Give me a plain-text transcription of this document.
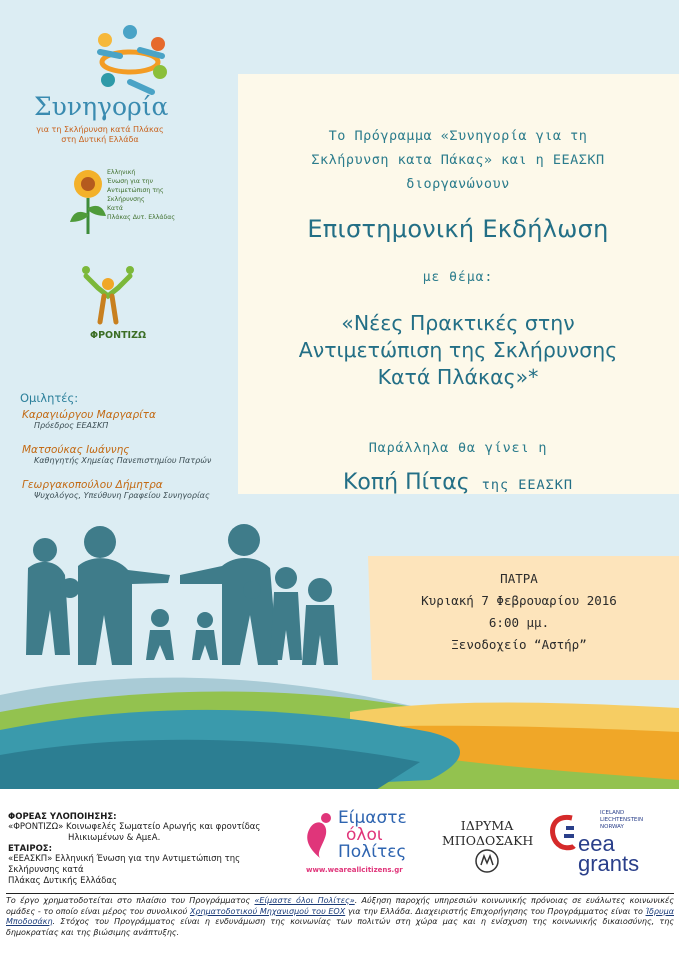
Συνηγορία
για τη Σκλήρυνση κατά Πλάκας στη Δυτική Ελλάδα
Ελληνική
Ένωση για την
Αντιμετώπιση της
Σκλήρυνσης
Κατά
Πλάκας Δυτ. Ελλάδας
ΦΡΟΝΤΙΖΩ
Ομιλητές:
Καραγιώργου Μαργαρίτα
Πρόεδρος ΕΕΑΣΚΠ
Ματσούκας Ιωάννης
Καθηγητής Χημείας Πανεπιστημίου Πατρών
Γεωργακοπούλου Δήμητρα
Ψυχολόγος, Υπεύθυνη Γραφείου Συνηγορίας
Το Πρόγραμμα «Συνηγορία για τη
Σκλήρυνση κατα Πάκας» και η ΕΕΑΣΚΠ
διοργανώνουν
Επιστημονική Εκδήλωση
με θέμα:
«Νέες Πρακτικές στην
Αντιμετώπιση της Σκλήρυνσης
Κατά Πλάκας»*
Παράλληλα θα γίνει η
Κοπή Πίτας της ΕΕΑΣΚΠ
ΠΑΤΡΑ
Κυριακή 7 Φεβρουαρίου 2016
6:00 μμ.
Ξενοδοχείο “Αστήρ”
ΦΟΡΕΑΣ ΥΛΟΠΟΙΗΣΗΣ:
«ΦΡΟΝΤΙΖΩ» Κοινωφελές Σωματείο Αρωγής και φροντίδας
Ηλικιωμένων & ΑμεΑ.
ΕΤΑΙΡΟΣ:
«ΕΕΑΣΚΠ» Ελληνική Ένωση για την Αντιμετώπιση της Σκλήρυνσης κατά
Πλάκας Δυτικής Ελλάδας
Είμαστε
όλοι
Πολίτες
www.weareallcitizens.gr
ΙΔΡΥΜΑ
ΜΠΟΔΟΣΑΚΗ
ICELAND
LIECHTENSTEIN
NORWAY
eea
grants
Το έργο χρηματοδοτείται στο πλαίσιο του Προγράμματος «Είμαστε όλοι Πολίτες». Αύξηση παροχής υπηρεσιών κοινωνικής πρόνοιας σε ευάλωτες κοινωνικές ομάδες - το οποίο είναι μέρος του συνολικού Χρηματοδοτικού Μηχανισμού του ΕΟΧ για την Ελλάδα. Διαχειριστής Επιχορήγησης του Προγράμματος είναι το Ίδρυμα Μποδοσάκη. Στόχος του Προγράμματος είναι η ενδυνάμωση της κοινωνίας των πολιτών στη χώρα μας και η ενίσχυση της κοινωνικής δικαιοσύνης, της δημοκρατίας και της βιώσιμης ανάπτυξης.
